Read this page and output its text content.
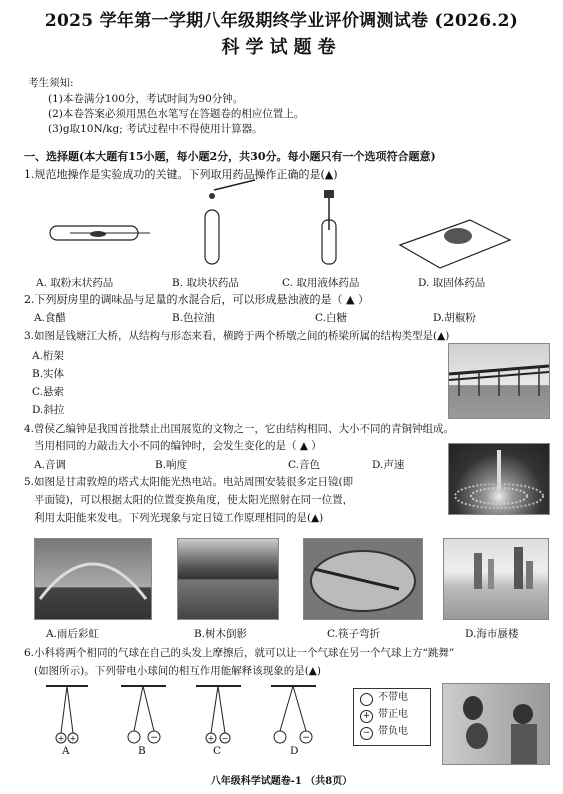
2025 学年第一学期八年级期终学业评价调测试卷 (2026.2)
科学试题卷
考生须知:
(1)本卷满分100分，考试时间为90分钟。
(2)本卷答案必须用黑色水笔写在答题卷的相应位置上。
(3)g取10N/kg; 考试过程中不得使用计算器。
一、选择题(本大题有15小题，每小题2分，共30分。每小题只有一个选项符合题意)
1.规范地操作是实验成功的关键。下列取用药品操作正确的是(▲)
A. 取粉末状药品	B. 取块状药品	C. 取用液体药品	D. 取固体药品
2.下列厨房里的调味品与足量的水混合后，可以形成悬浊液的是（ ▲ ）
A.食醋	B.色拉油	C.白糖	D.胡椒粉
3.如图是钱塘江大桥，从结构与形态来看，横跨于两个桥墩之间的桥梁所属的结构类型是(▲)
A.桁架
B.实体
C.悬索
D.斜拉
4.曾侯乙编钟是我国首批禁止出国展览的文物之一，它由结构相同、大小不同的青铜钟组成。
当用相同的力敲击大小不同的编钟时，会发生变化的是（ ▲ ）
A.音调	B.响度	C.音色	D.声速
5.如图是甘肃敦煌的塔式太阳能光热电站。电站周围安装很多定日镜(即
平面镜)，可以根据太阳的位置变换角度，使太阳光照射在同一位置，
利用太阳能来发电。下列光现象与定日镜工作原理相同的是(▲)
A.雨后彩虹	B.树木倒影	C.筷子弯折	D.海市蜃楼
6.小科将两个相同的气球在自己的头发上摩擦后，就可以让一个气球在另一个气球上方“跳舞”
(如图所示)。下列带电小球间的相互作用能解释该现象的是(▲)
+ +	−	+ −	−
A	B	C	D
不带电
+ 带正电
− 带负电
八年级科学试题卷-1 （共8页）
